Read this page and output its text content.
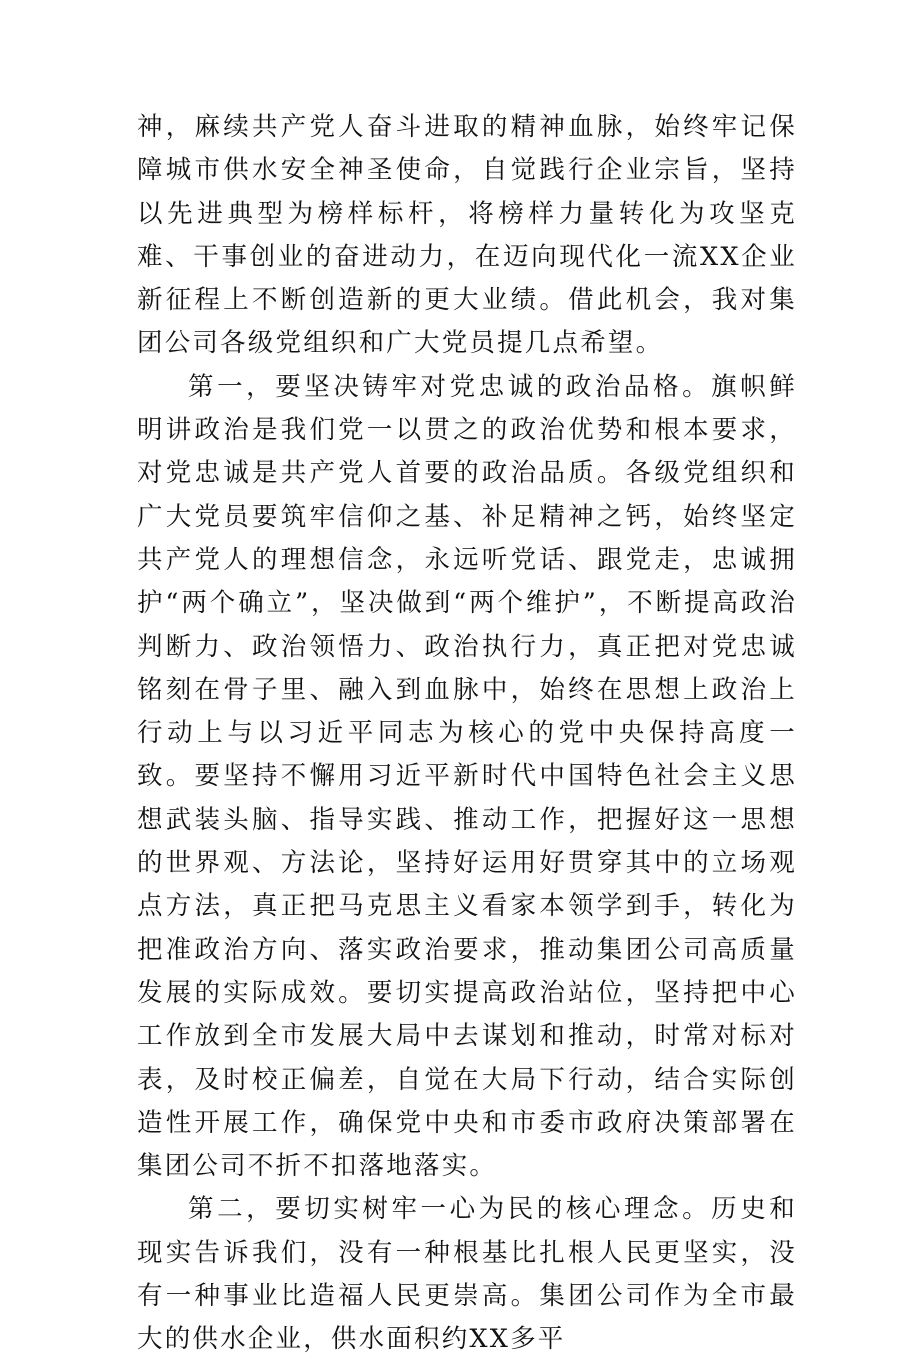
神，麻续共产党人奋斗进取的精神血脉，始终牢记保障城市供水安全神圣使命，自觉践行企业宗旨，坚持以先进典型为榜样标杆，将榜样力量转化为攻坚克难、干事创业的奋进动力，在迈向现代化一流XX企业新征程上不断创造新的更大业绩。借此机会，我对集团公司各级党组织和广大党员提几点希望。

第一，要坚决铸牢对党忠诚的政治品格。旗帜鲜明讲政治是我们党一以贯之的政治优势和根本要求，对党忠诚是共产党人首要的政治品质。各级党组织和广大党员要筑牢信仰之基、补足精神之钙，始终坚定共产党人的理想信念，永远听党话、跟党走，忠诚拥护“两个确立”，坚决做到“两个维护”，不断提高政治判断力、政治领悟力、政治执行力，真正把对党忠诚铭刻在骨子里、融入到血脉中，始终在思想上政治上行动上与以习近平同志为核心的党中央保持高度一致。要坚持不懈用习近平新时代中国特色社会主义思想武装头脑、指导实践、推动工作，把握好这一思想的世界观、方法论，坚持好运用好贯穿其中的立场观点方法，真正把马克思主义看家本领学到手，转化为把准政治方向、落实政治要求，推动集团公司高质量发展的实际成效。要切实提高政治站位，坚持把中心工作放到全市发展大局中去谋划和推动，时常对标对表，及时校正偏差，自觉在大局下行动，结合实际创造性开展工作，确保党中央和市委市政府决策部署在集团公司不折不扣落地落实。

第二，要切实树牢一心为民的核心理念。历史和现实告诉我们，没有一种根基比扎根人民更坚实，没有一种事业比造福人民更崇高。集团公司作为全市最大的供水企业，供水面积约XX多平
